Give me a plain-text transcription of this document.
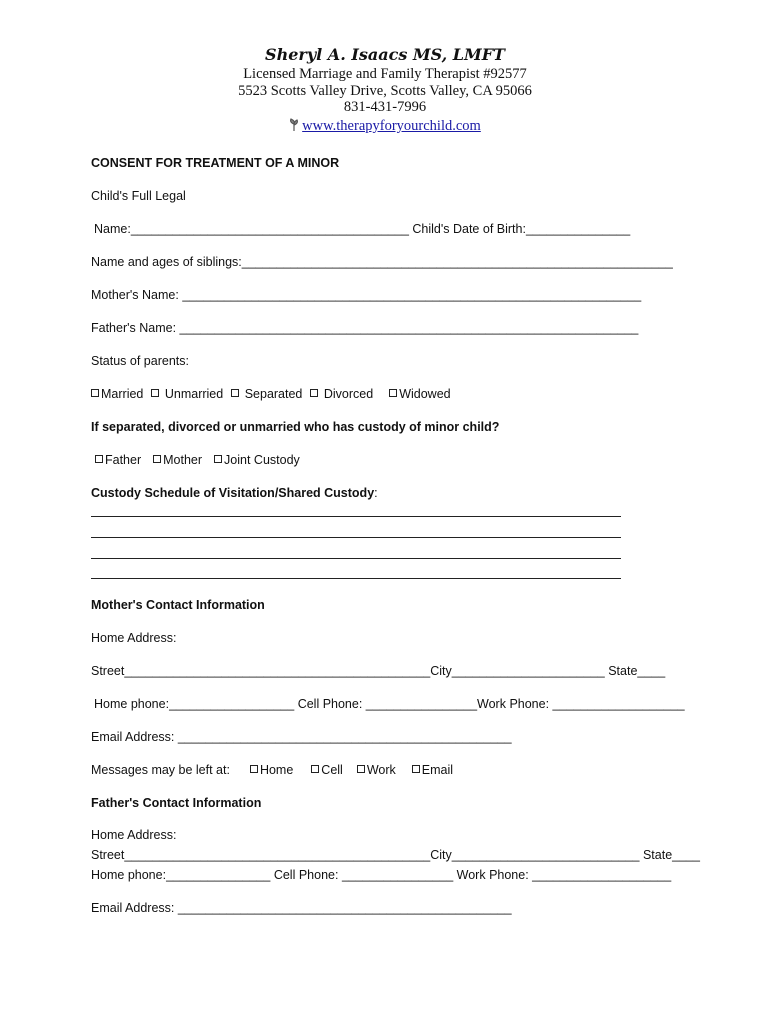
Sheryl A. Isaacs MS, LMFT
Licensed Marriage and Family Therapist #92577
5523 Scotts Valley Drive, Scotts Valley, CA 95066
831-431-7996
www.therapyforyourchild.com
CONSENT FOR TREATMENT OF A MINOR
Child's Full Legal
Name:________________________________________ Child's Date of Birth:_______________
Name and ages of siblings:______________________________________________________________
Mother's Name: __________________________________________________________________
Father's Name: __________________________________________________________________
Status of parents:
Married Unmarried Separated Divorced Widowed
If separated, divorced or unmarried who has custody of minor child?
Father Mother Joint Custody
Custody Schedule of Visitation/Shared Custody:
Mother's Contact Information
Home Address:
Street____________________________________________City______________________ State____
Home phone:__________________ Cell Phone: ________________Work Phone: ___________________
Email Address: ________________________________________________
Messages may be left at: Home Cell Work Email
Father's Contact Information
Home Address:
Street____________________________________________City___________________________ State____
Home phone:_______________ Cell Phone: ________________ Work Phone: ____________________
Email Address: ________________________________________________
